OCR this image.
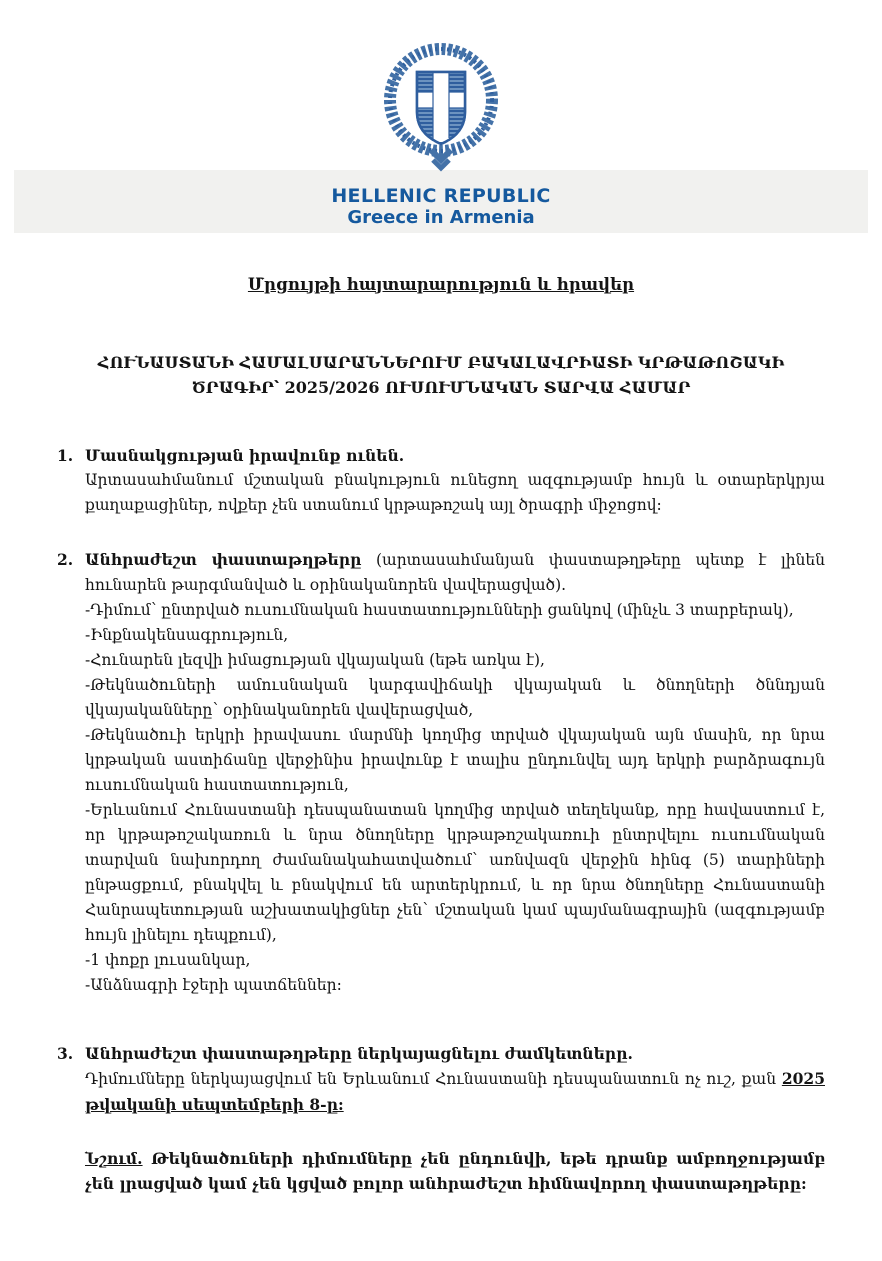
HELLENIC REPUBLIC
Greece in Armenia
Մրցույթի հայտարարություն և հրավեր
ՀՈՒՆԱՍՏԱՆԻ ՀԱՄԱԼՍԱՐԱՆՆԵՐՈՒՄ ԲԱԿԱԼԱՎՐԻԱՏԻ ԿՐԹԱԹՈՇԱԿԻ
ԾՐԱԳԻՐ՝ 2025/2026 ՈՒՍՈՒՄՆԱԿԱՆ ՏԱՐՎԱ ՀԱՄԱՐ
1. Մասնակցության իրավունք ունեն.

Արտասահմանում մշտական բնակություն ունեցող ազգությամբ հույն և օտարերկրյա քաղաքացիներ, ովքեր չեն ստանում կրթաթոշակ այլ ծրագրի միջոցով:

2. Անհրաժեշտ փաստաթղթերը (արտասահմանյան փաստաթղթերը պետք է լինեն հունարեն թարգմանված և օրինականորեն վավերացված).

-Դիմում՝ ընտրված ուսումնական հաստատությունների ցանկով (մինչև 3 տարբերակ),

-Ինքնակենսագրություն,

-Հունարեն լեզվի իմացության վկայական (եթե առկա է),

-Թեկնածուների ամուսնական կարգավիճակի վկայական և ծնողների ծննդյան վկայականները՝ օրինականորեն վավերացված,

-Թեկնածուի երկրի իրավասու մարմնի կողմից տրված վկայական այն մասին, որ նրա կրթական աստիճանը վերջինիս իրավունք է տալիս ընդունվել այդ երկրի բարձրագույն ուսումնական հաստատություն,

-Երևանում Հունաստանի դեսպանատան կողմից տրված տեղեկանք, որը հավաստում է, որ կրթաթոշակառուն և նրա ծնողները կրթաթոշակառուի ընտրվելու ուսումնական տարվան նախորդող ժամանակահատվածում՝ առնվազն վերջին հինգ (5) տարիների ընթացքում, բնակվել և բնակվում են արտերկրում, և որ նրա ծնողները Հունաստանի Հանրապետության աշխատակիցներ չեն՝ մշտական կամ պայմանագրային (ազգությամբ հույն լինելու դեպքում),

-1 փոքր լուսանկար,

-Անձնագրի էջերի պատճեններ:

3. Անհրաժեշտ փաստաթղթերը ներկայացնելու ժամկետները.

Դիմումները ներկայացվում են Երևանում Հունաստանի դեսպանատուն ոչ ուշ, քան 2025 թվականի սեպտեմբերի 8-ը:

Նշում. Թեկնածուների դիմումները չեն ընդունվի, եթե դրանք ամբողջությամբ չեն լրացված կամ չեն կցված բոլոր անհրաժեշտ հիմնավորող փաստաթղթերը:
